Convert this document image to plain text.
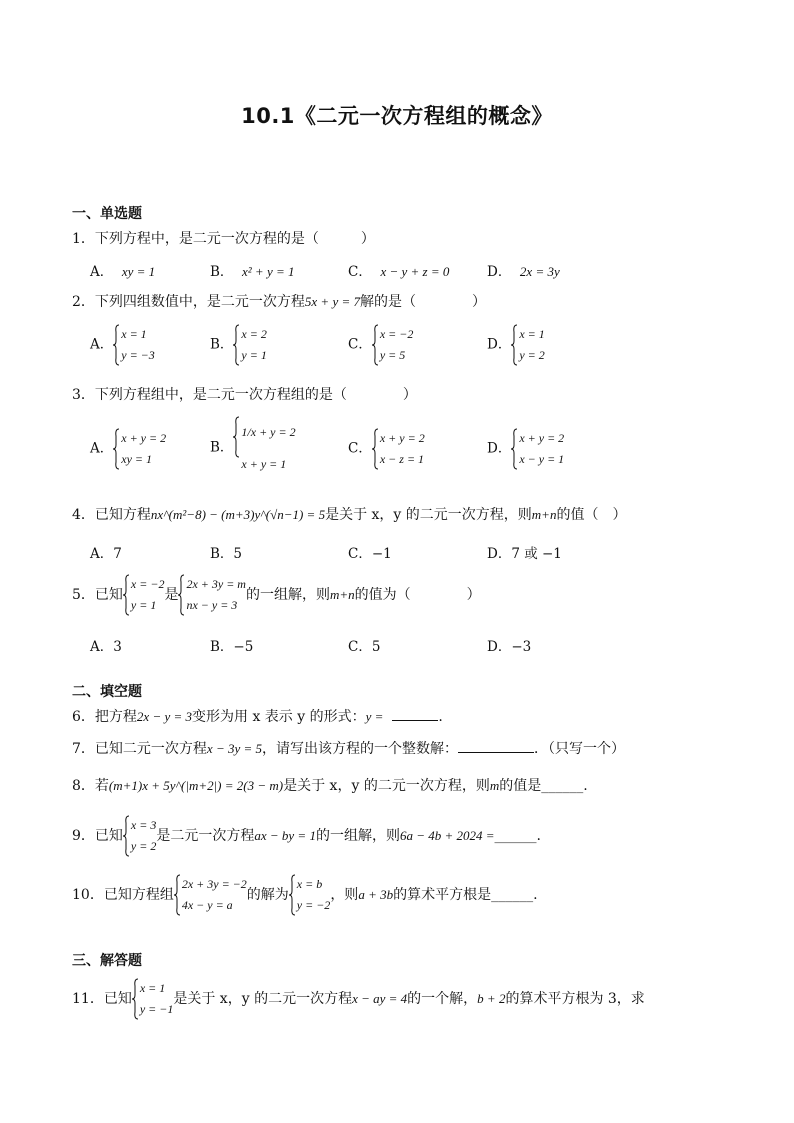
10.1《二元一次方程组的概念》
一、单选题
1．下列方程中，是二元一次方程的是（　　　）
A． xy = 1	B． x² + y = 1	C． x − y + z = 0	D． 2x = 3y
2．下列四组数值中，是二元一次方程5x + y = 7解的是（　　　　）
A．
x = 1
y = −3
B．
x = 2
y = 1
C．
x = −2
y = 5
D．
x = 1
y = 2
3．下列方程组中，是二元一次方程组的是（　　　　）
A．
x + y = 2
xy = 1
B．
1/x + y = 2
x + y = 1
C．
x + y = 2
x − z = 1
D．
x + y = 2
x − y = 1
4．已知方程nx^(m²−8) − (m+3)y^(√n−1) = 5是关于 x，y 的二元一次方程，则m+n的值（　）
A．7	B．5	C．−1	D．7 或 −1
5．已知
x = −2
y = 1
是
2x + 3y = m
nx − y = 3
的一组解，则m+n的值为（　　　　）
A．3	B．−5	C．5	D．−3
二、填空题
6．把方程2x − y = 3变形为用 x 表示 y 的形式：y =	.
7．已知二元一次方程x − 3y = 5，请写出该方程的一个整数解：	．（只写一个）
8．若(m+1)x + 5y^(|m+2|) = 2(3 − m)是关于 x，y 的二元一次方程，则m的值是______.
9．已知
x = 3
y = 2
是二元一次方程ax − by = 1的一组解，则6a − 4b + 2024 =______.
10．已知方程组
2x + 3y = −2
4x − y = a
的解为
x = b
y = −2
，则a + 3b的算术平方根是______.
三、解答题
11．已知
x = 1
y = −1
是关于 x，y 的二元一次方程x − ay = 4的一个解，b + 2的算术平方根为 3，求
